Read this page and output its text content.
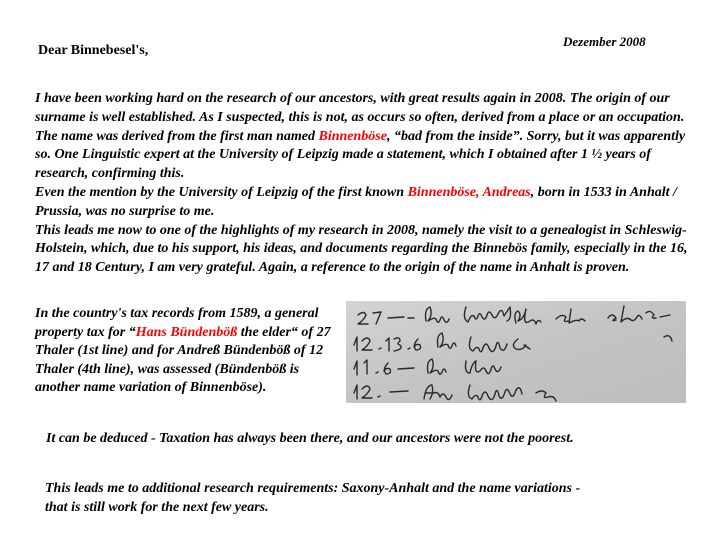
Dezember 2008
Dear Binnebesel's,

I have been working hard on the research of our ancestors, with great results again in 2008. The origin of our surname is well established. As I suspected, this is not, as occurs so often, derived from a place or an occupation. The name was derived from the first man named Binnenböse, “bad from the inside”. Sorry, but it was apparently so. One Linguistic expert at the University of Leipzig made a statement, which I obtained after 1 ½ years of research, confirming this.

Even the mention by the University of Leipzig of the first known Binnenböse, Andreas, born in 1533 in Anhalt / Prussia, was no surprise to me.

This leads me now to one of the highlights of my research in 2008, namely the visit to a genealogist in Schleswig-Holstein, which, due to his support, his ideas, and documents regarding the Binnebös family, especially in the 16, 17 and 18 Century, I am very grateful. Again, a reference to the origin of the name in Anhalt is proven.

In the country's tax records from 1589, a general property tax for “Hans Bündenböß the elder“ of 27 Thaler (1st line) and for Andreß Bündenböß of 12 Thaler (4th line), was assessed (Bündenböß is another name variation of Binnenböse).

It can be deduced - Taxation has always been there, and our ancestors were not the poorest.

This leads me to additional research requirements: Saxony-Anhalt and the name variations -

that is still work for the next few years.
